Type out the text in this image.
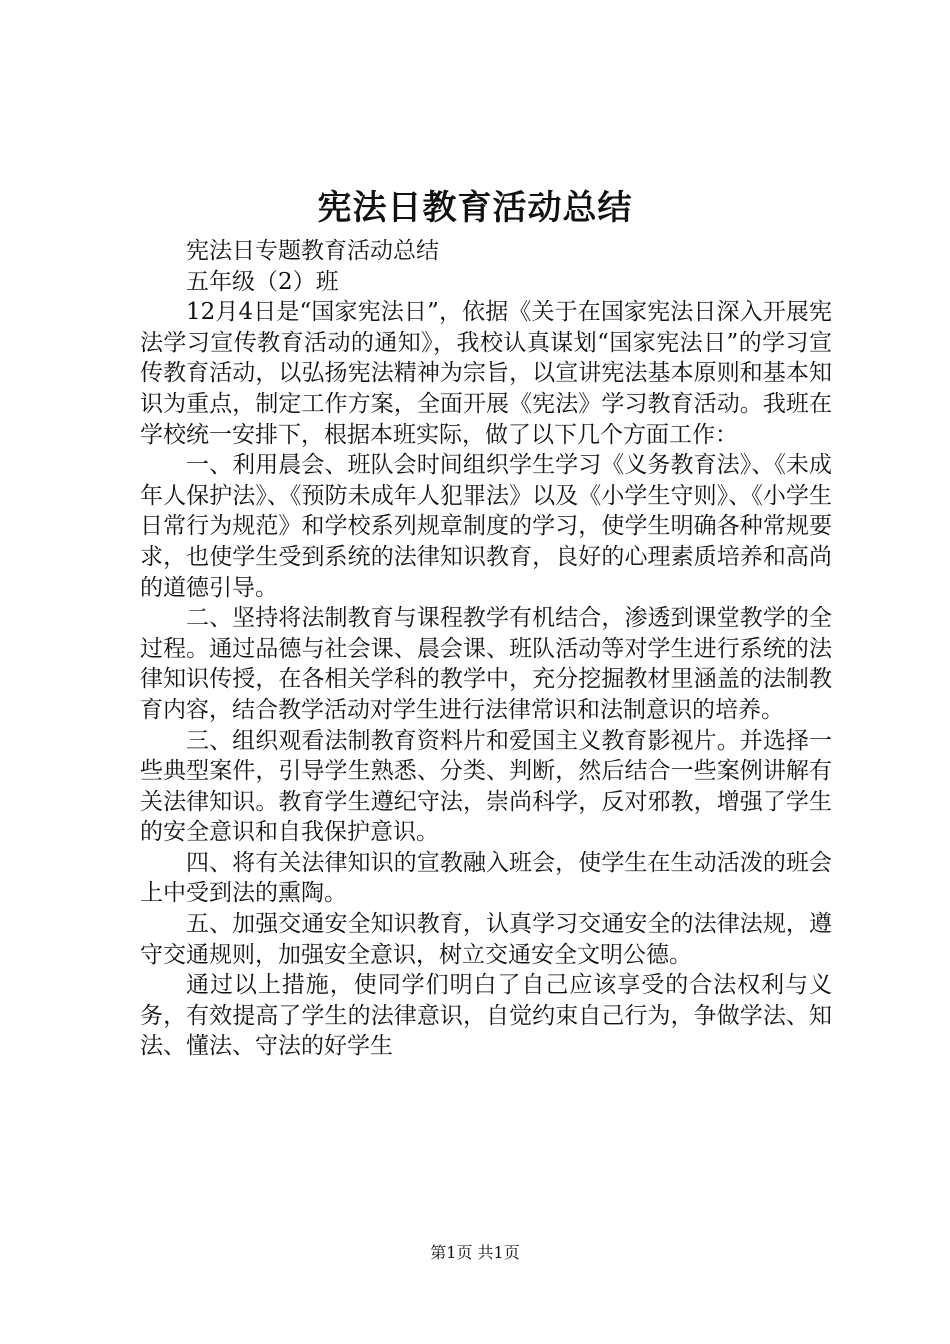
宪法日教育活动总结

宪法日专题教育活动总结

五年级（2）班

12月4日是“国家宪法日”，依据《关于在国家宪法日深入开展宪法学习宣传教育活动的通知》，我校认真谋划“国家宪法日”的学习宣传教育活动，以弘扬宪法精神为宗旨，以宣讲宪法基本原则和基本知识为重点，制定工作方案，全面开展《宪法》学习教育活动。我班在学校统一安排下，根据本班实际，做了以下几个方面工作：

一、利用晨会、班队会时间组织学生学习《义务教育法》、《未成年人保护法》、《预防未成年人犯罪法》以及《小学生守则》、《小学生日常行为规范》和学校系列规章制度的学习，使学生明确各种常规要求，也使学生受到系统的法律知识教育，良好的心理素质培养和高尚的道德引导。

二、坚持将法制教育与课程教学有机结合，渗透到课堂教学的全过程。通过品德与社会课、晨会课、班队活动等对学生进行系统的法律知识传授，在各相关学科的教学中，充分挖掘教材里涵盖的法制教育内容，结合教学活动对学生进行法律常识和法制意识的培养。

三、组织观看法制教育资料片和爱国主义教育影视片。并选择一些典型案件，引导学生熟悉、分类、判断，然后结合一些案例讲解有关法律知识。教育学生遵纪守法，崇尚科学，反对邪教，增强了学生的安全意识和自我保护意识。

四、将有关法律知识的宣教融入班会，使学生在生动活泼的班会上中受到法的熏陶。

五、加强交通安全知识教育，认真学习交通安全的法律法规，遵守交通规则，加强安全意识，树立交通安全文明公德。

通过以上措施，使同学们明白了自己应该享受的合法权利与义务，有效提高了学生的法律意识，自觉约束自己行为，争做学法、知法、懂法、守法的好学生

第1页 共1页
